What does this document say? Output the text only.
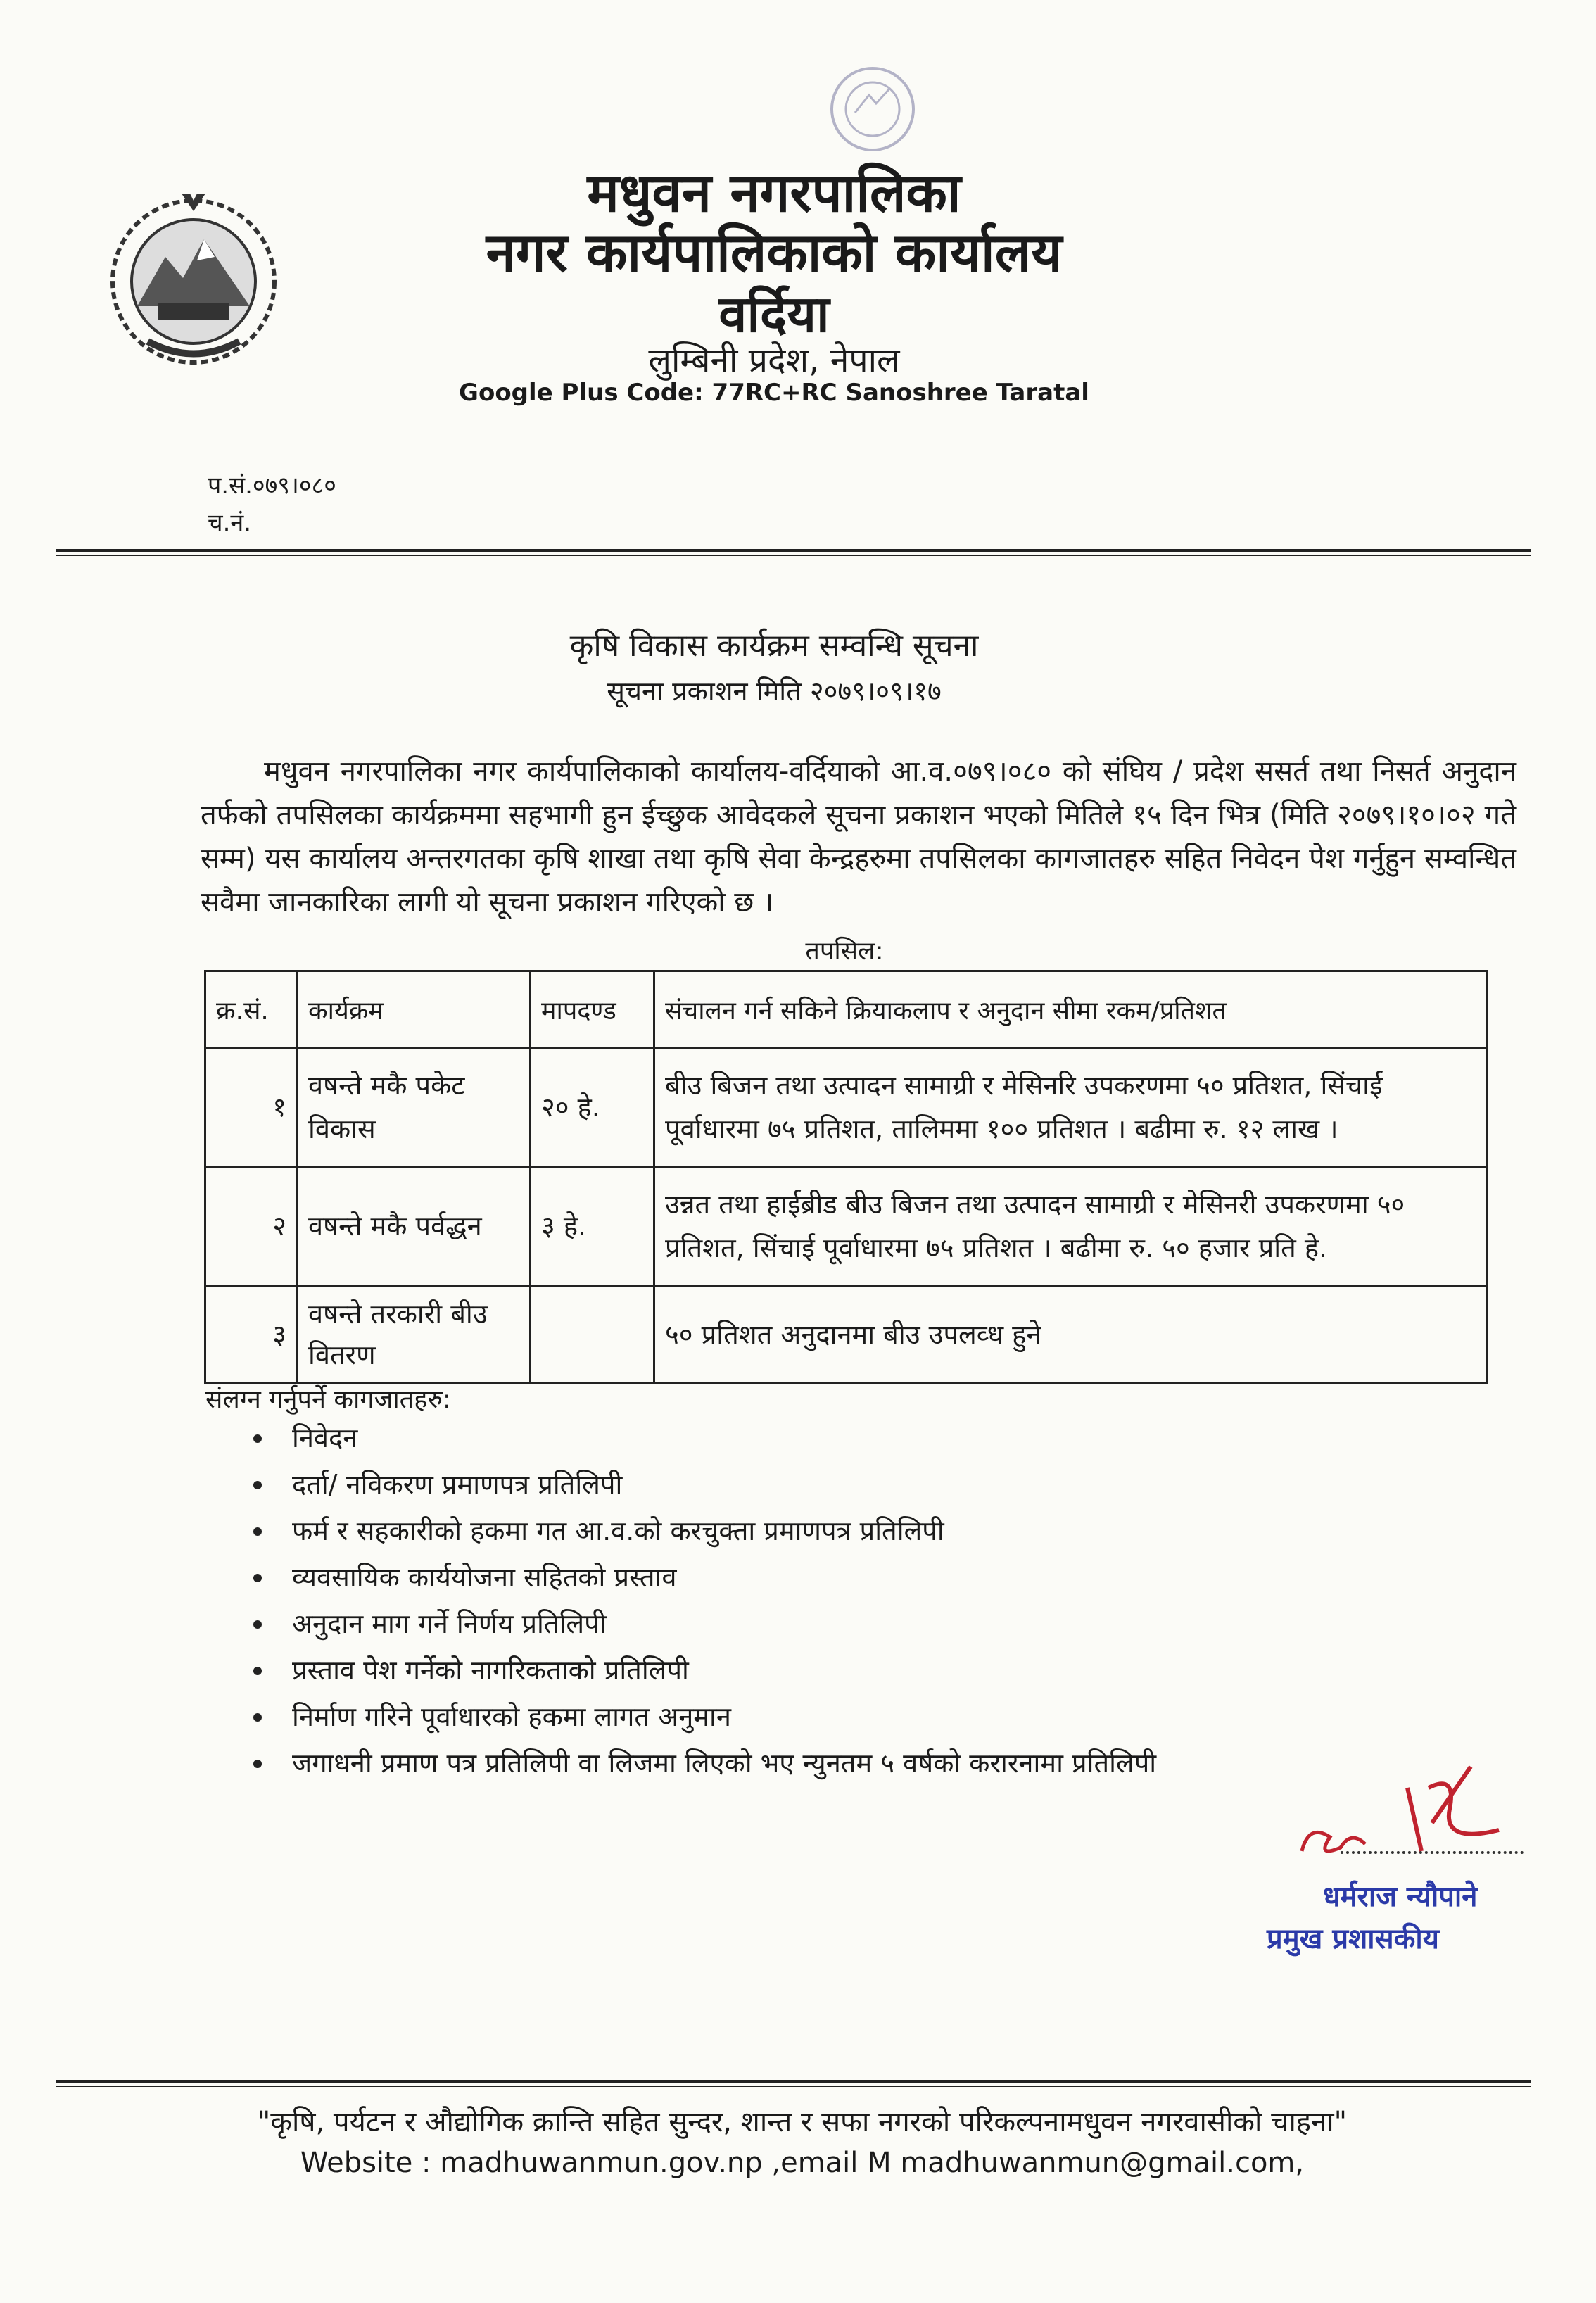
मधुवन नगरपालिका
नगर कार्यपालिकाको कार्यालय
वर्दिया
लुम्बिनी प्रदेश, नेपाल
Google Plus Code: 77RC+RC Sanoshree Taratal
प.सं.०७९।०८०
च.नं.
कृषि विकास कार्यक्रम सम्वन्धि सूचना
सूचना प्रकाशन मिति २०७९।०९।१७
मधुवन नगरपालिका नगर कार्यपालिकाको कार्यालय-वर्दियाको आ.व.०७९।०८० को संघिय / प्रदेश ससर्त तथा निसर्त अनुदान तर्फको तपसिलका कार्यक्रममा सहभागी हुन ईच्छुक आवेदकले सूचना प्रकाशन भएको मितिले १५ दिन भित्र (मिति २०७९।१०।०२ गते सम्म) यस कार्यालय अन्तरगतका कृषि शाखा तथा कृषि सेवा केन्द्रहरुमा तपसिलका कागजातहरु सहित निवेदन पेश गर्नुहुन सम्वन्धित सवैमा जानकारिका लागी यो सूचना प्रकाशन गरिएको छ ।
तपसिल:
क्र.सं.	कार्यक्रम	मापदण्ड	संचालन गर्न सकिने क्रियाकलाप र अनुदान सीमा रकम/प्रतिशत
१	वषन्ते मकै पकेट विकास	२० हे.	बीउ बिजन तथा उत्पादन सामाग्री र मेसिनरि उपकरणमा ५० प्रतिशत, सिंचाई पूर्वाधारमा ७५ प्रतिशत, तालिममा १०० प्रतिशत । बढीमा रु. १२ लाख ।
२	वषन्ते मकै पर्वद्धन	३ हे.	उन्नत तथा हाईब्रीड बीउ बिजन तथा उत्पादन सामाग्री र मेसिनरी उपकरणमा ५० प्रतिशत, सिंचाई पूर्वाधारमा ७५ प्रतिशत । बढीमा रु. ५० हजार प्रति हे.
३	वषन्ते तरकारी बीउ वितरण		५० प्रतिशत अनुदानमा बीउ उपलव्ध हुने
संलग्न गर्नुपर्ने कागजातहरु:
निवेदन
दर्ता/ नविकरण प्रमाणपत्र प्रतिलिपी
फर्म र सहकारीको हकमा गत आ.व.को करचुक्ता प्रमाणपत्र प्रतिलिपी
व्यवसायिक कार्ययोजना सहितको प्रस्ताव
अनुदान माग गर्ने निर्णय प्रतिलिपी
प्रस्ताव पेश गर्नेको नागरिकताको प्रतिलिपी
निर्माण गरिने पूर्वाधारको हकमा लागत अनुमान
जगाधनी प्रमाण पत्र प्रतिलिपी वा लिजमा लिएको भए न्युनतम ५ वर्षको करारनामा प्रतिलिपी
धर्मराज न्यौपाने
प्रमुख प्रशासकीय
"कृषि, पर्यटन र औद्योगिक क्रान्ति सहित सुन्दर, शान्त र सफा नगरको परिकल्पनामधुवन नगरवासीको चाहना"
Website : madhuwanmun.gov.np ,email M madhuwanmun@gmail.com,
